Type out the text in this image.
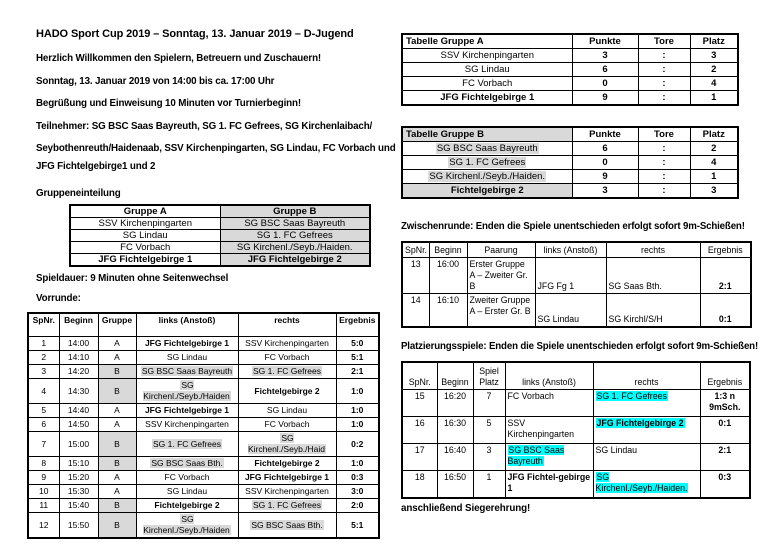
HADO Sport Cup 2019 – Sonntag, 13. Januar 2019 – D-Jugend
Herzlich Willkommen den Spielern, Betreuern und Zuschauern!
Sonntag, 13. Januar 2019 von 14:00 bis ca. 17:00 Uhr
Begrüßung und Einweisung 10 Minuten vor Turnierbeginn!
Teilnehmer: SG BSC Saas Bayreuth, SG 1. FC Gefrees, SG Kirchenlaibach/
Seybothenreuth/Haidenaab, SSV Kirchenpingarten, SG Lindau, FC Vorbach und
JFG Fichtelgebirge1 und 2
Gruppeneinteilung
Gruppe A	Gruppe B
SSV Kirchenpingarten	SG BSC Saas Bayreuth
SG Lindau	SG 1. FC Gefrees
FC Vorbach	SG Kirchenl./Seyb./Haiden.
JFG Fichtelgebirge 1	JFG Fichtelgebirge 2
Spieldauer: 9 Minuten ohne Seitenwechsel
Vorrunde:
SpNr.	Beginn	Gruppe	links (Anstoß)	rechts	Ergebnis
1	14:00	A	JFG Fichtelgebirge 1	SSV Kirchenpingarten	5:0
2	14:10	A	SG Lindau	FC Vorbach	5:1
3	14:20	B	SG BSC Saas Bayreuth	SG 1. FC Gefrees	2:1
4	14:30	B	SG Kirchenl./Seyb./Haiden	Fichtelgebirge 2	1:0
5	14:40	A	JFG Fichtelgebirge 1	SG Lindau	1:0
6	14:50	A	SSV Kirchenpingarten	FC Vorbach	1:0
7	15:00	B	SG 1. FC Gefrees	SG Kirchenl./Seyb./Haid	0:2
8	15:10	B	SG BSC Saas Bth.	Fichtelgebirge 2	1:0
9	15:20	A	FC Vorbach	JFG Fichtelgebirge 1	0:3
10	15:30	A	SG Lindau	SSV Kirchenpingarten	3:0
11	15:40	B	Fichtelgebirge 2	SG 1. FC Gefrees	2:0
12	15:50	B	SG Kirchenl./Seyb./Haiden	SG BSC Saas Bth.	5:1
Tabelle Gruppe A	Punkte	Tore	Platz
SSV Kirchenpingarten	3	:	3
SG Lindau	6	:	2
FC Vorbach	0	:	4
JFG Fichtelgebirge 1	9	:	1
Tabelle Gruppe B	Punkte	Tore	Platz
SG BSC Saas Bayreuth	6	:	2
SG 1. FC Gefrees	0	:	4
SG Kirchenl./Seyb./Haiden.	9	:	1
Fichtelgebirge 2	3	:	3
Zwischenrunde: Enden die Spiele unentschieden erfolgt sofort 9m-Schießen!
SpNr.	Beginn	Paarung	links (Anstoß)	rechts	Ergebnis
13	16:00	Erster Gruppe A – Zweiter Gr. B	JFG Fg 1	SG Saas Bth.	2:1
14	16:10	Zweiter Gruppe A – Erster Gr. B	SG Lindau	SG Kirchl/S/H	0:1
Platzierungsspiele: Enden die Spiele unentschieden erfolgt sofort 9m-Schießen!
SpNr.	Beginn	Spiel Platz	links (Anstoß)	rechts	Ergebnis
15	16:20	7	FC Vorbach	SG 1. FC Gefrees	1:3 n 9mSch.
16	16:30	5	SSV Kirchenpingarten	JFG Fichtelgebirge 2	0:1
17	16:40	3	SG BSC Saas Bayreuth	SG Lindau	2:1
18	16:50	1	JFG Fichtel-gebirge 1	SG Kirchenl./Seyb./Haiden.	0:3
anschließend Siegerehrung!
